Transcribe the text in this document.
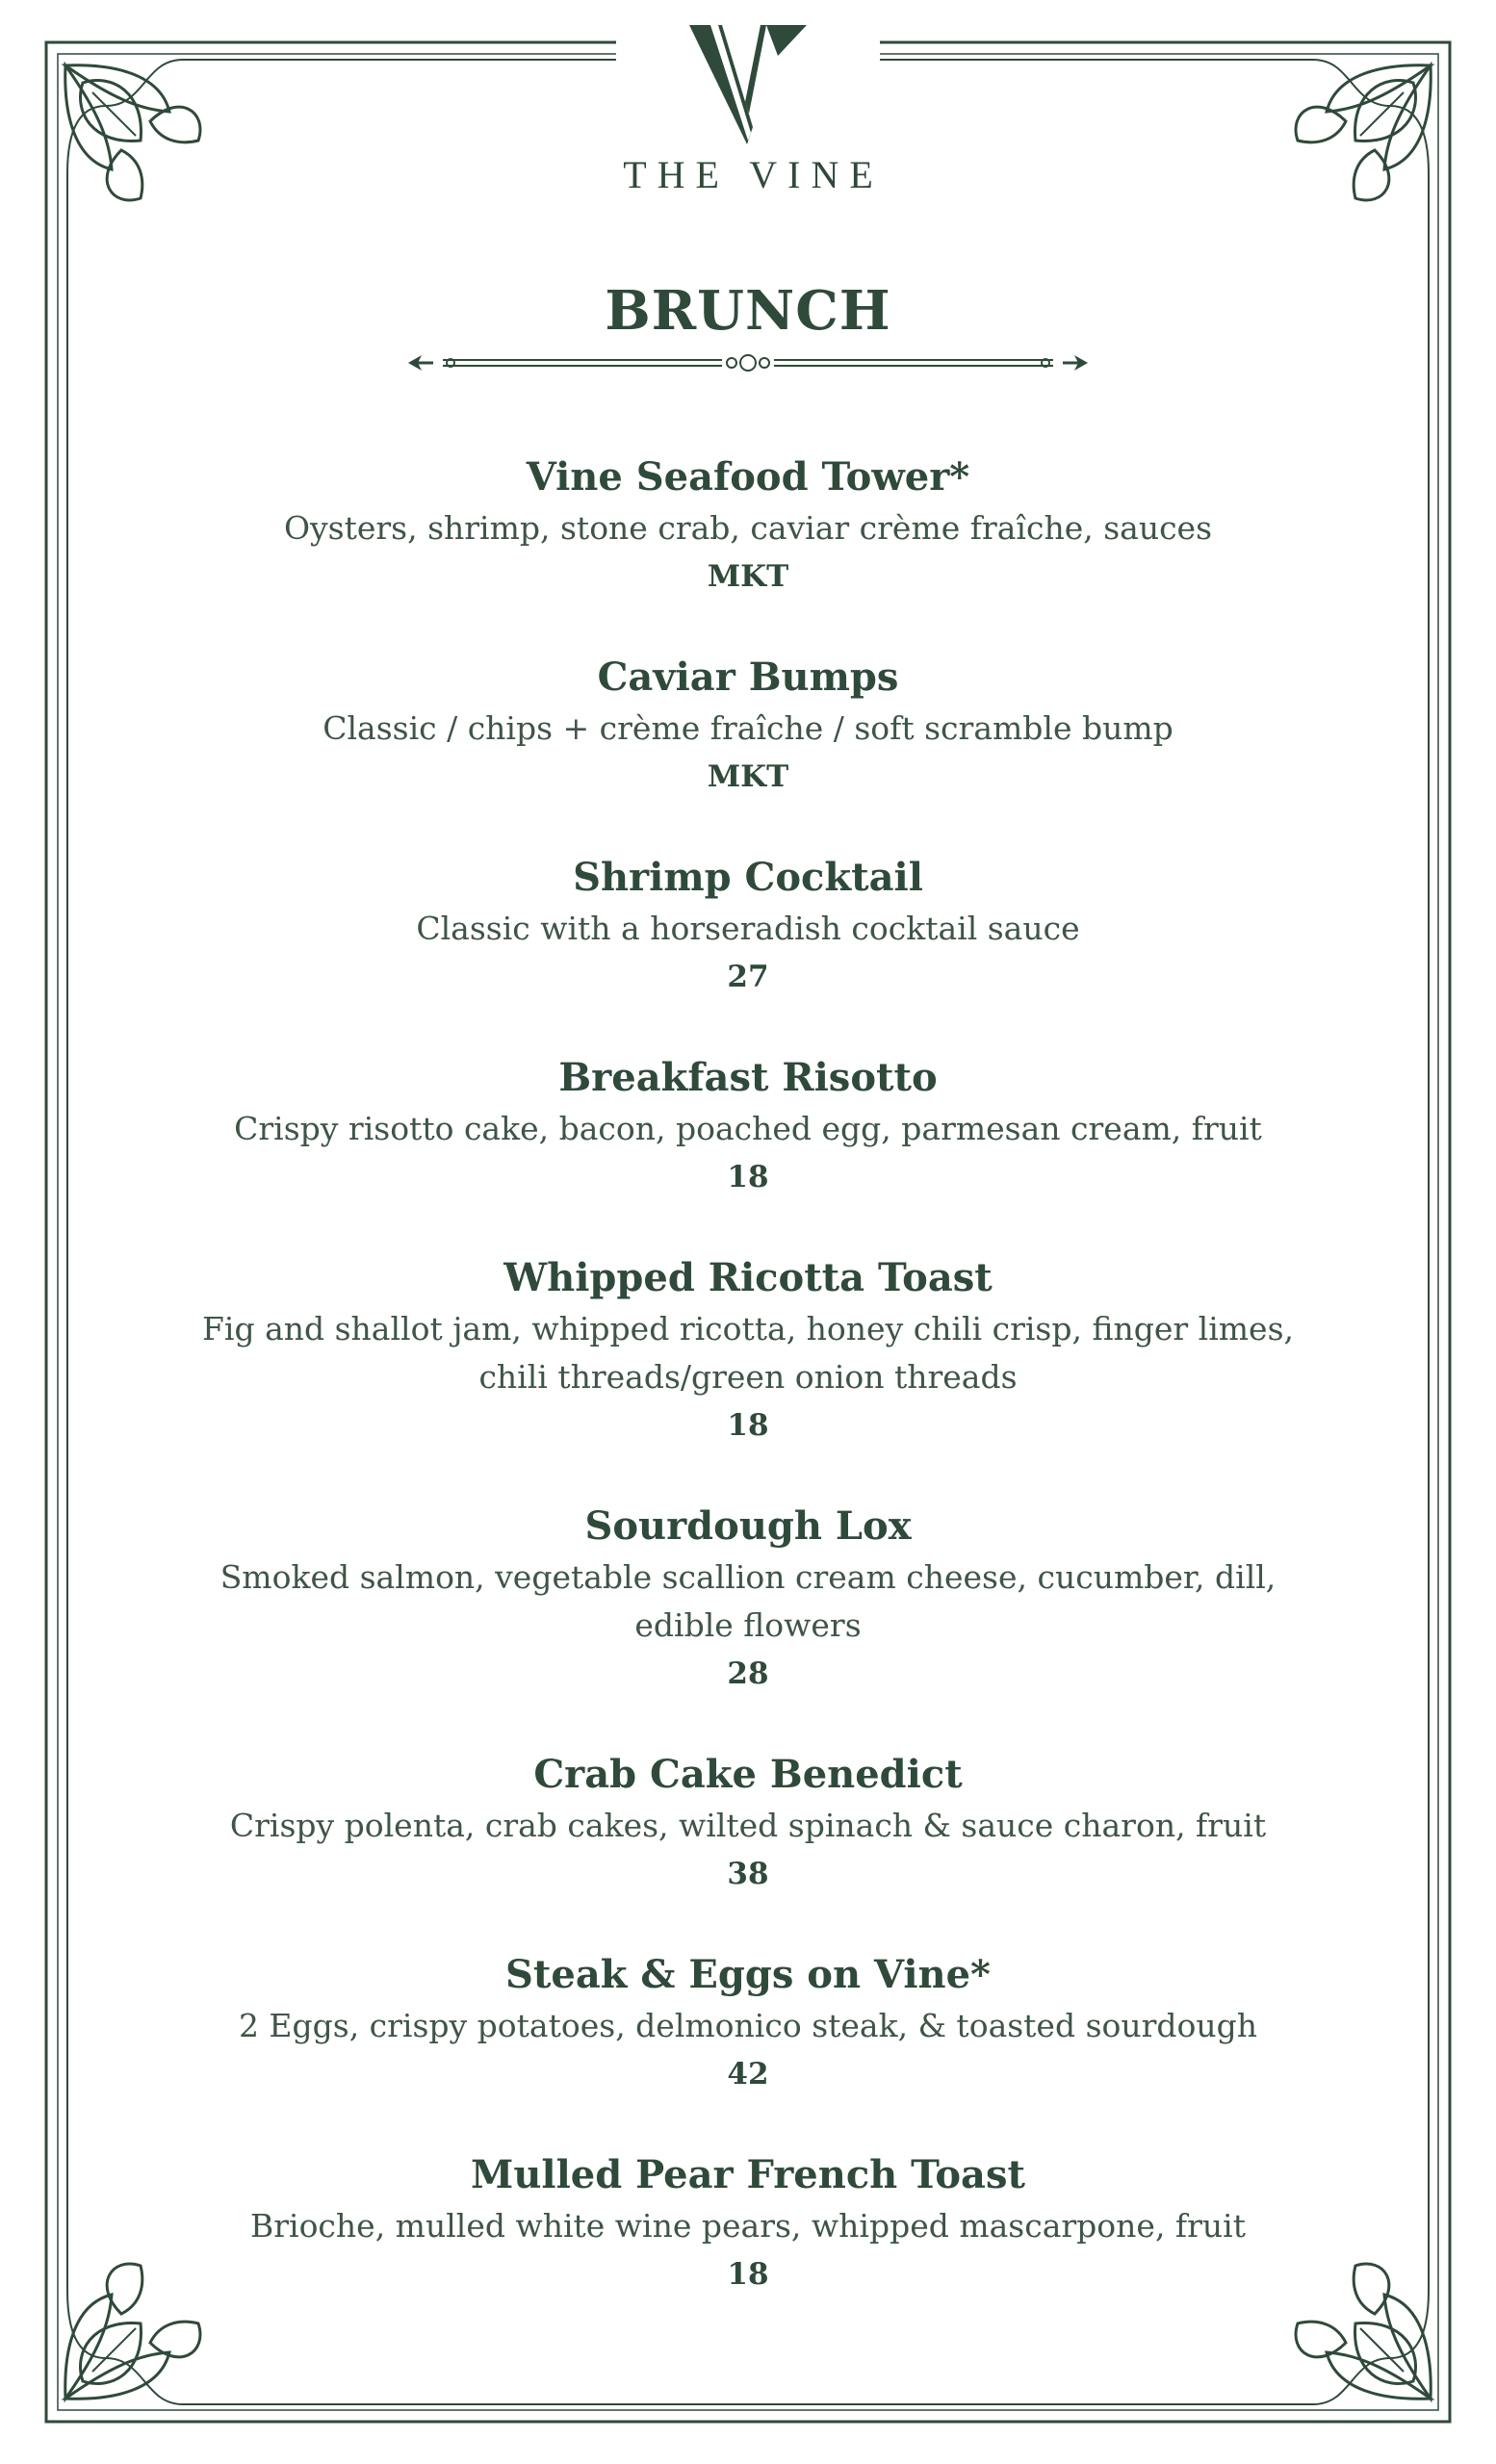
THE VINE
BRUNCH
Vine Seafood Tower*
Oysters, shrimp, stone crab, caviar crème fraîche, sauces
MKT
Caviar Bumps
Classic / chips + crème fraîche / soft scramble bump
MKT
Shrimp Cocktail
Classic with a horseradish cocktail sauce
27
Breakfast Risotto
Crispy risotto cake, bacon, poached egg, parmesan cream, fruit
18
Whipped Ricotta Toast
Fig and shallot jam, whipped ricotta, honey chili crisp, finger limes, chili threads/green onion threads
18
Sourdough Lox
Smoked salmon, vegetable scallion cream cheese, cucumber, dill, edible flowers
28
Crab Cake Benedict
Crispy polenta, crab cakes, wilted spinach & sauce charon, fruit
38
Steak & Eggs on Vine*
2 Eggs, crispy potatoes, delmonico steak, & toasted sourdough
42
Mulled Pear French Toast
Brioche, mulled white wine pears, whipped mascarpone, fruit
18
